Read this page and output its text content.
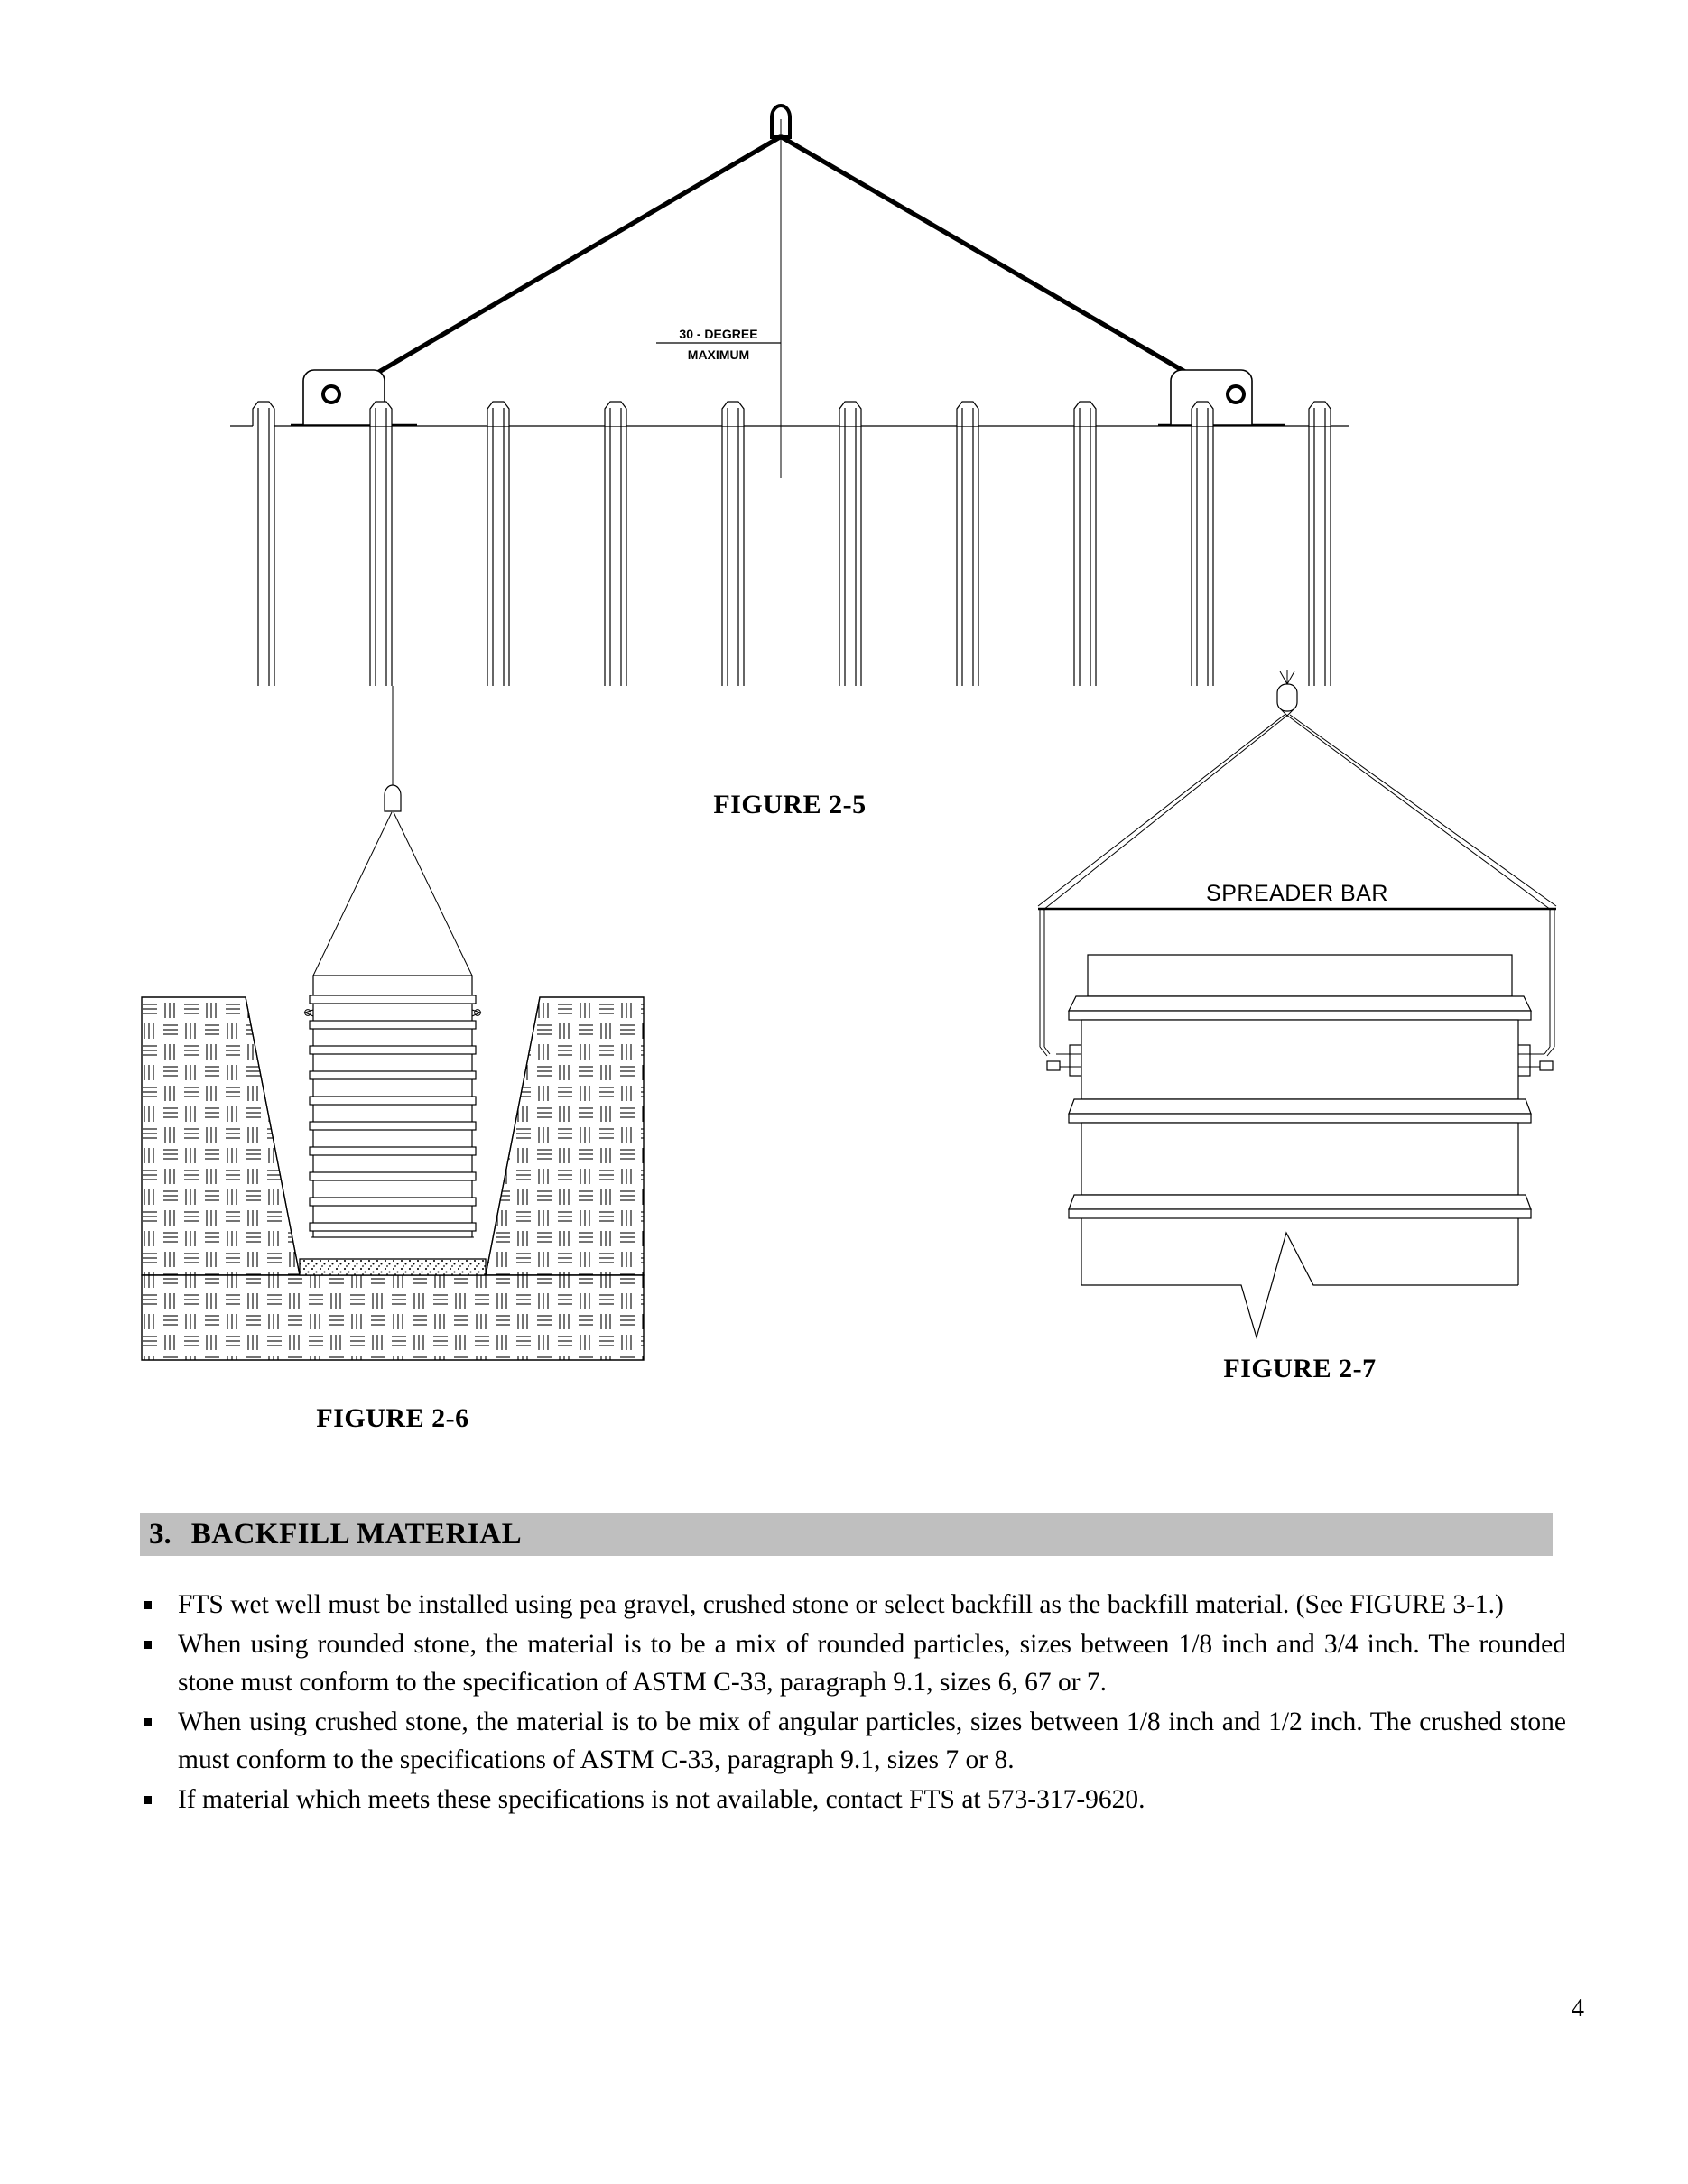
30 - DEGREE
MAXIMUM
FIGURE 2-5
FIGURE 2-6
SPREADER BAR
FIGURE 2-7
3. BACKFILL MATERIAL
FTS wet well must be installed using pea gravel, crushed stone or select backfill as the backfill material. (See FIGURE 3-1.)
When using rounded stone, the material is to be a mix of rounded particles, sizes between 1/8 inch and 3/4 inch. The rounded stone must conform to the specification of ASTM C-33, paragraph 9.1, sizes 6, 67 or 7.
When using crushed stone, the material is to be mix of angular particles, sizes between 1/8 inch and 1/2 inch. The crushed stone must conform to the specifications of ASTM C-33, paragraph 9.1, sizes 7 or 8.
If material which meets these specifications is not available, contact FTS at 573-317-9620.
4
